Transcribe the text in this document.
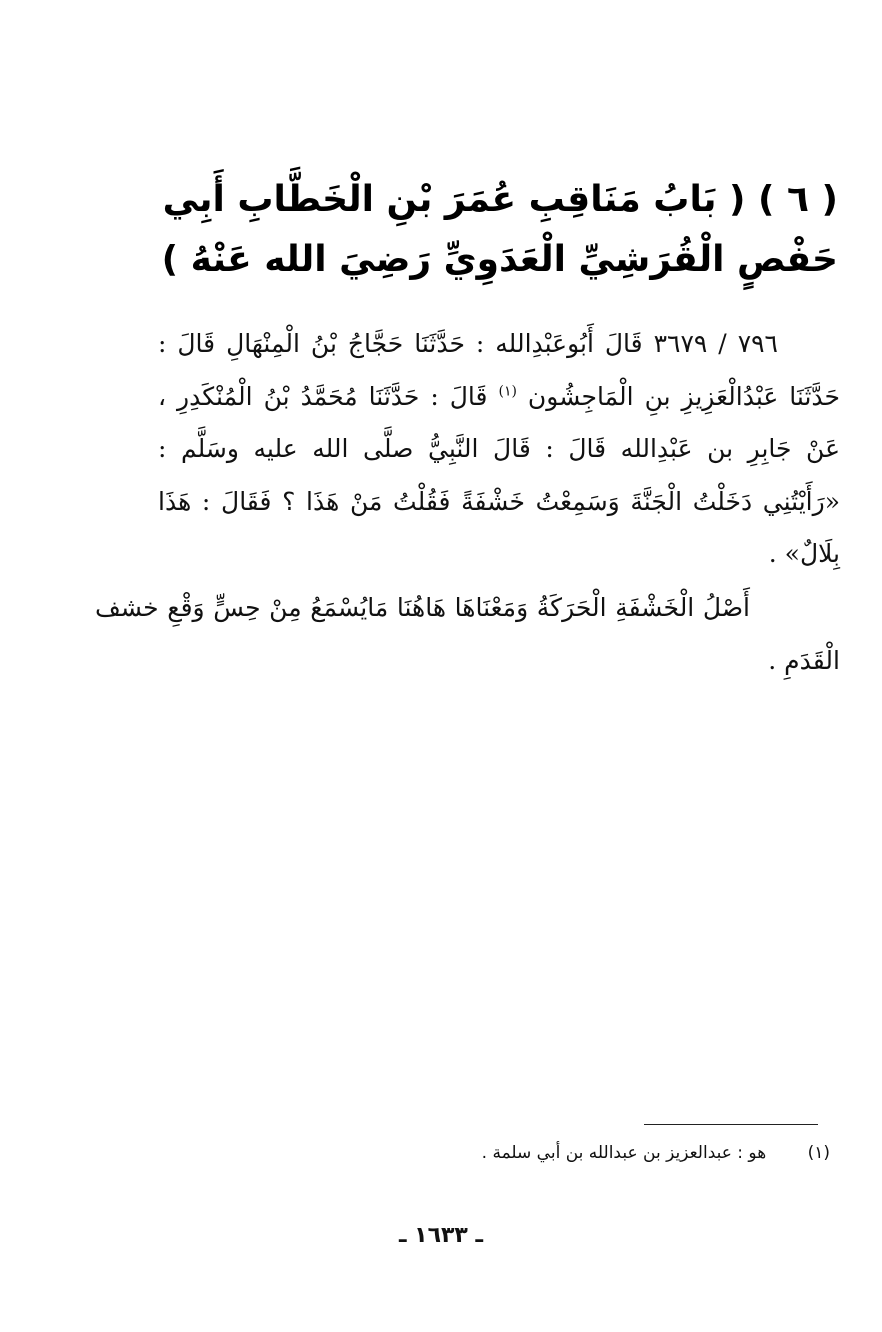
( ٦ ) ( بَابُ مَنَاقِبِ عُمَرَ بْنِ الْخَطَّابِ أَبِي حَفْصٍ الْقُرَشِيِّ الْعَدَوِيِّ رَضِيَ الله عَنْهُ )
٧٩٦ / ٣٦٧٩ قَالَ أَبُوعَبْدِالله : حَدَّثَنَا حَجَّاجُ بْنُ الْمِنْهَالِ قَالَ : حَدَّثَنَا عَبْدُالْعَزِيزِ بنِ الْمَاجِشُون $^{(١)}$ قَالَ : حَدَّثَنَا مُحَمَّدُ بْنُ الْمُنْكَدِرِ ، عَنْ جَابِرِ بن عَبْدِالله قَالَ : قَالَ النَّبِيُّ صلَّى الله عليه وسَلَّم : «رَأَيْتُنِي دَخَلْتُ الْجَنَّةَ وَسَمِعْتُ خَشْفَةً فَقُلْتُ مَنْ هَذَا ؟ فَقَالَ : هَذَا بِلَالٌ» .
أَصْلُ الْخَشْفَةِ الْحَرَكَةُ وَمَعْنَاهَا هَاهُنَا مَايُسْمَعُ مِنْ حِسٍّ وَقْعِ خشف الْقَدَمِ .
(١) هو : عبدالعزيز بن عبدالله بن أبي سلمة .
ـ ١٦٣٣ ـ
